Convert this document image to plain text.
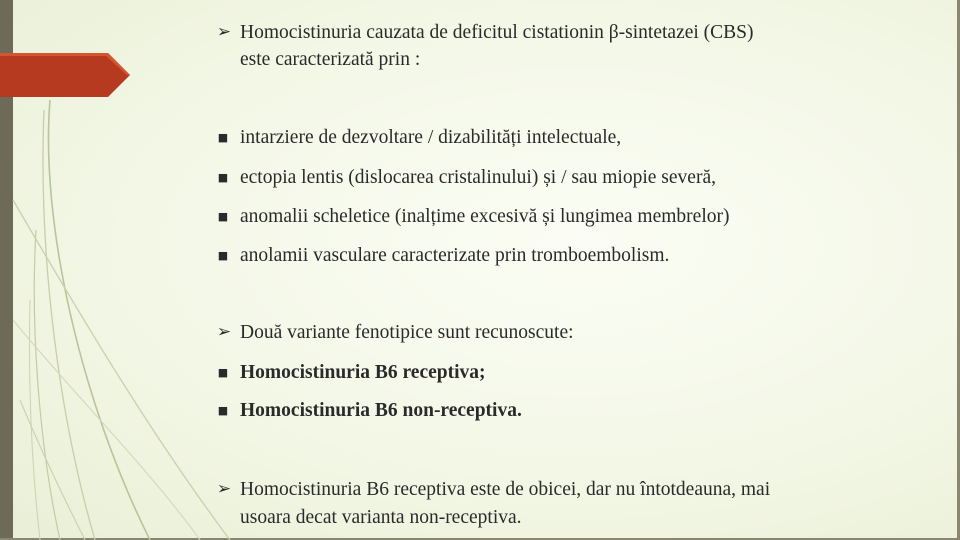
➢ Homocistinuria cauzata de deficitul cistationin β-sintetazei (CBS)
este caracterizată prin :
■ intarziere de dezvoltare / dizabilități intelectuale,
■ ectopia lentis (dislocarea cristalinului) și / sau miopie severă,
■ anomalii scheletice (inalțime excesivă și lungimea membrelor)
■ anolamii vasculare caracterizate prin tromboembolism.
➢ Două variante fenotipice sunt recunoscute:
■ Homocistinuria B6 receptiva;
■ Homocistinuria B6 non-receptiva.
➢ Homocistinuria B6 receptiva este de obicei, dar nu întotdeauna, mai
usoara decat varianta non-receptiva.
